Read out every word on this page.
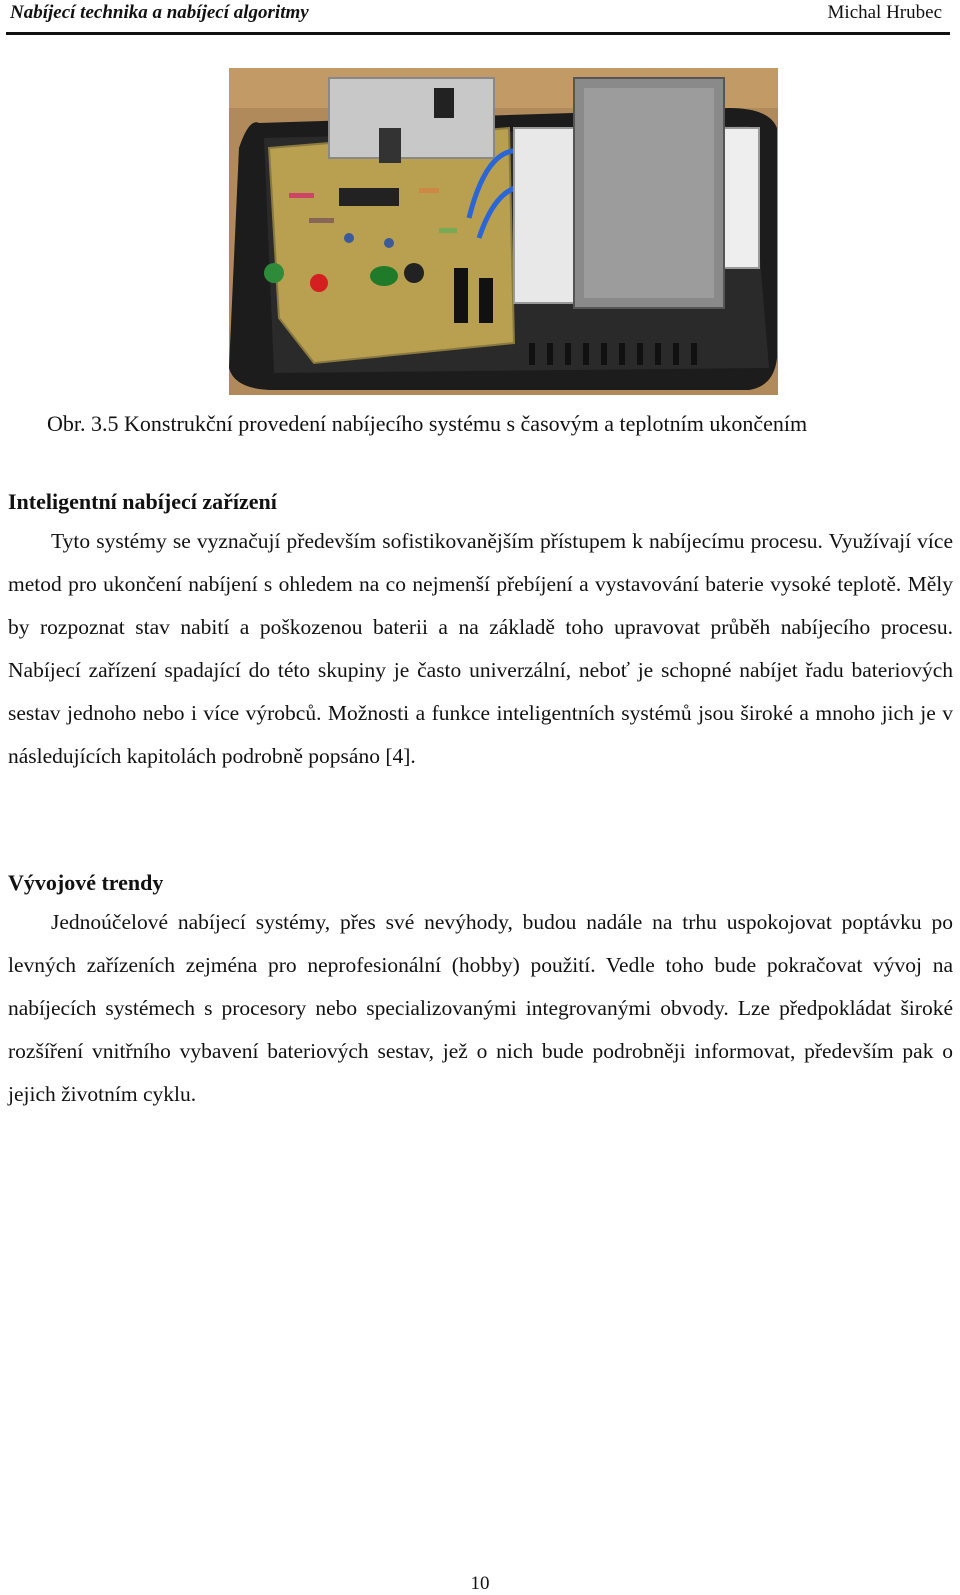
Nabíjecí technika a nabíjecí algoritmy	Michal Hrubec
Obr. 3.5 Konstrukční provedení nabíjecího systému s časovým a teplotním ukončením
Inteligentní nabíjecí zařízení

Tyto systémy se vyznačují především sofistikovanějším přístupem k nabíjecímu procesu. Využívají více metod pro ukončení nabíjení s ohledem na co nejmenší přebíjení a vystavování baterie vysoké teplotě. Měly by rozpoznat stav nabití a poškozenou baterii a na základě toho upravovat průběh nabíjecího procesu. Nabíjecí zařízení spadající do této skupiny je často univerzální, neboť je schopné nabíjet řadu bateriových sestav jednoho nebo i více výrobců. Možnosti a funkce inteligentních systémů jsou široké a mnoho jich je v následujících kapitolách podrobně popsáno [4].

Vývojové trendy

Jednoúčelové nabíjecí systémy, přes své nevýhody, budou nadále na trhu uspokojovat poptávku po levných zařízeních zejména pro neprofesionální (hobby) použití. Vedle toho bude pokračovat vývoj na nabíjecích systémech s procesory nebo specializovanými integrovanými obvody. Lze předpokládat široké rozšíření vnitřního vybavení bateriových sestav, jež o nich bude podrobněji informovat, především pak o jejich životním cyklu.

10
